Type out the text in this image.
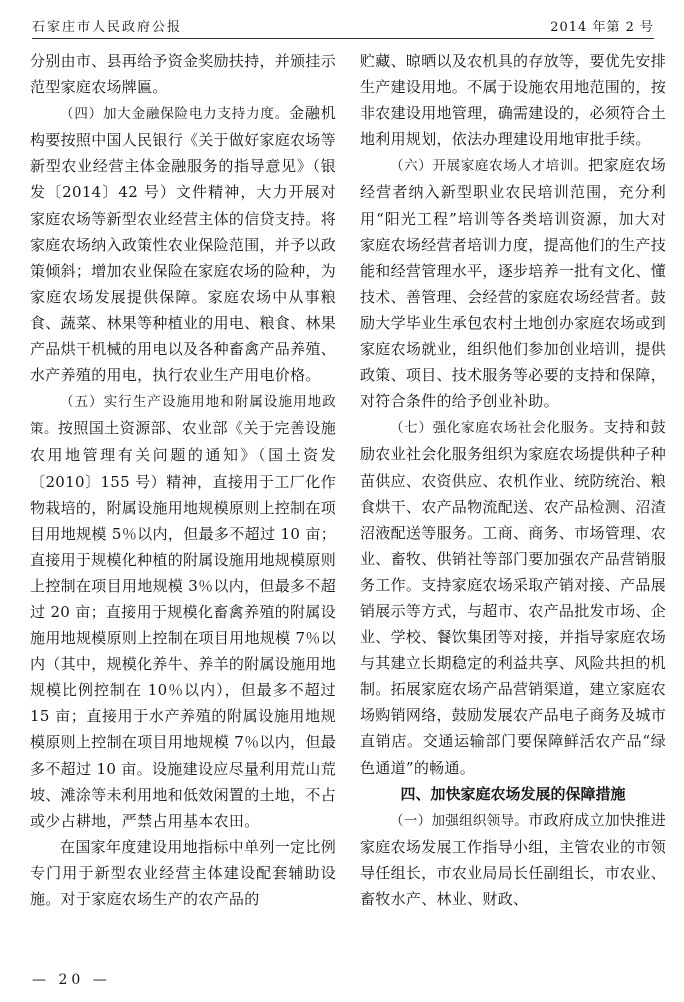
石家庄市人民政府公报	2014 年第 2 号

分别由市、县再给予资金奖励扶持，并颁挂示范型家庭农场牌匾。

（四）加大金融保险电力支持力度。金融机构要按照中国人民银行《关于做好家庭农场等新型农业经营主体金融服务的指导意见》（银发〔2014〕42 号）文件精神，大力开展对家庭农场等新型农业经营主体的信贷支持。将家庭农场纳入政策性农业保险范围，并予以政策倾斜；增加农业保险在家庭农场的险种，为家庭农场发展提供保障。家庭农场中从事粮食、蔬菜、林果等种植业的用电、粮食、林果产品烘干机械的用电以及各种畜禽产品养殖、水产养殖的用电，执行农业生产用电价格。

（五）实行生产设施用地和附属设施用地政策。按照国土资源部、农业部《关于完善设施农用地管理有关问题的通知》（国土资发〔2010〕155 号）精神，直接用于工厂化作物栽培的，附属设施用地规模原则上控制在项目用地规模 5％以内，但最多不超过 10 亩；直接用于规模化种植的附属设施用地规模原则上控制在项目用地规模 3％以内，但最多不超过 20 亩；直接用于规模化畜禽养殖的附属设施用地规模原则上控制在项目用地规模 7％以内（其中，规模化养牛、养羊的附属设施用地规模比例控制在 10％以内），但最多不超过 15 亩；直接用于水产养殖的附属设施用地规模原则上控制在项目用地规模 7％以内，但最多不超过 10 亩。设施建设应尽量利用荒山荒坡、滩涂等未利用地和低效闲置的土地，不占或少占耕地，严禁占用基本农田。

在国家年度建设用地指标中单列一定比例专门用于新型农业经营主体建设配套辅助设施。对于家庭农场生产的农产品的

贮藏、晾晒以及农机具的存放等，要优先安排生产建设用地。不属于设施农用地范围的，按非农建设用地管理，确需建设的，必须符合土地利用规划，依法办理建设用地审批手续。

（六）开展家庭农场人才培训。把家庭农场经营者纳入新型职业农民培训范围，充分利用“阳光工程”培训等各类培训资源，加大对家庭农场经营者培训力度，提高他们的生产技能和经营管理水平，逐步培养一批有文化、懂技术、善管理、会经营的家庭农场经营者。鼓励大学毕业生承包农村土地创办家庭农场或到家庭农场就业，组织他们参加创业培训，提供政策、项目、技术服务等必要的支持和保障，对符合条件的给予创业补助。

（七）强化家庭农场社会化服务。支持和鼓励农业社会化服务组织为家庭农场提供种子种苗供应、农资供应、农机作业、统防统治、粮食烘干、农产品物流配送、农产品检测、沼渣沼液配送等服务。工商、商务、市场管理、农业、畜牧、供销社等部门要加强农产品营销服务工作。支持家庭农场采取产销对接、产品展销展示等方式，与超市、农产品批发市场、企业、学校、餐饮集团等对接，并指导家庭农场与其建立长期稳定的利益共享、风险共担的机制。拓展家庭农场产品营销渠道，建立家庭农场购销网络，鼓励发展农产品电子商务及城市直销店。交通运输部门要保障鲜活农产品“绿色通道”的畅通。

四、加快家庭农场发展的保障措施

（一）加强组织领导。市政府成立加快推进家庭农场发展工作指导小组，主管农业的市领导任组长，市农业局局长任副组长，市农业、畜牧水产、林业、财政、

— 20 —
